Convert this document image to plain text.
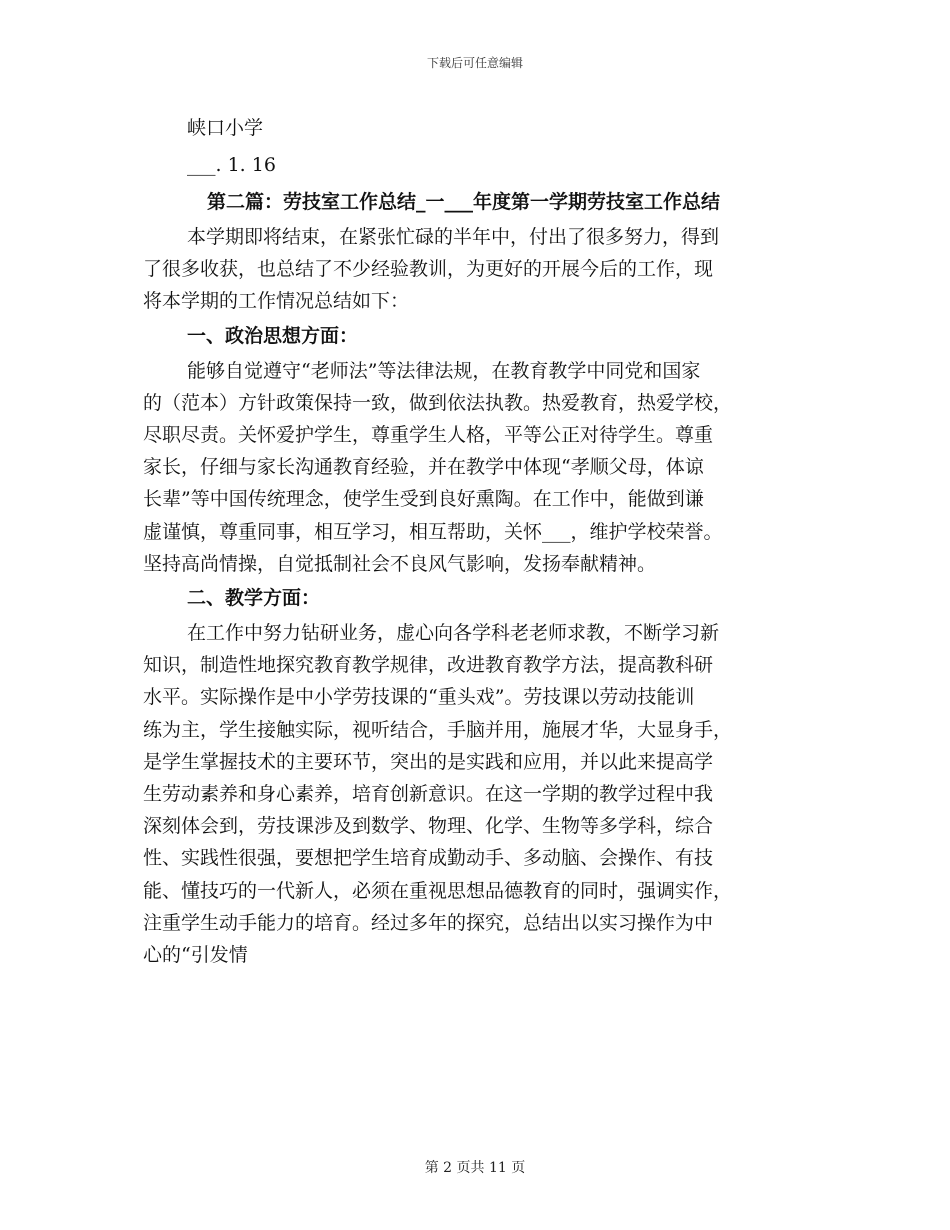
下载后可任意编辑
峡口小学
___. 1. 16
第二篇：劳技室工作总结_一___年度第一学期劳技室工作总结
本学期即将结束，在紧张忙碌的半年中，付出了很多努力，得到
了很多收获，也总结了不少经验教训，为更好的开展今后的工作，现
将本学期的工作情况总结如下：
一、政治思想方面：
能够自觉遵守“老师法”等法律法规，在教育教学中同党和国家
的（范本）方针政策保持一致，做到依法执教。热爱教育，热爱学校，
尽职尽责。关怀爱护学生，尊重学生人格，平等公正对待学生。尊重
家长，仔细与家长沟通教育经验，并在教学中体现“孝顺父母，体谅
长辈”等中国传统理念，使学生受到良好熏陶。在工作中，能做到谦
虚谨慎，尊重同事，相互学习，相互帮助，关怀___，维护学校荣誉。
坚持高尚情操，自觉抵制社会不良风气影响，发扬奉献精神。
二、教学方面：
在工作中努力钻研业务，虚心向各学科老老师求教，不断学习新
知识，制造性地探究教育教学规律，改进教育教学方法，提高教科研
水平。实际操作是中小学劳技课的“重头戏”。劳技课以劳动技能训
练为主，学生接触实际，视听结合，手脑并用，施展才华，大显身手，
是学生掌握技术的主要环节，突出的是实践和应用，并以此来提高学
生劳动素养和身心素养，培育创新意识。在这一学期的教学过程中我
深刻体会到，劳技课涉及到数学、物理、化学、生物等多学科，综合
性、实践性很强，要想把学生培育成勤动手、多动脑、会操作、有技
能、懂技巧的一代新人，必须在重视思想品德教育的同时，强调实作，
注重学生动手能力的培育。经过多年的探究，总结出以实习操作为中
心的“引发情
第 2 页共 11 页
